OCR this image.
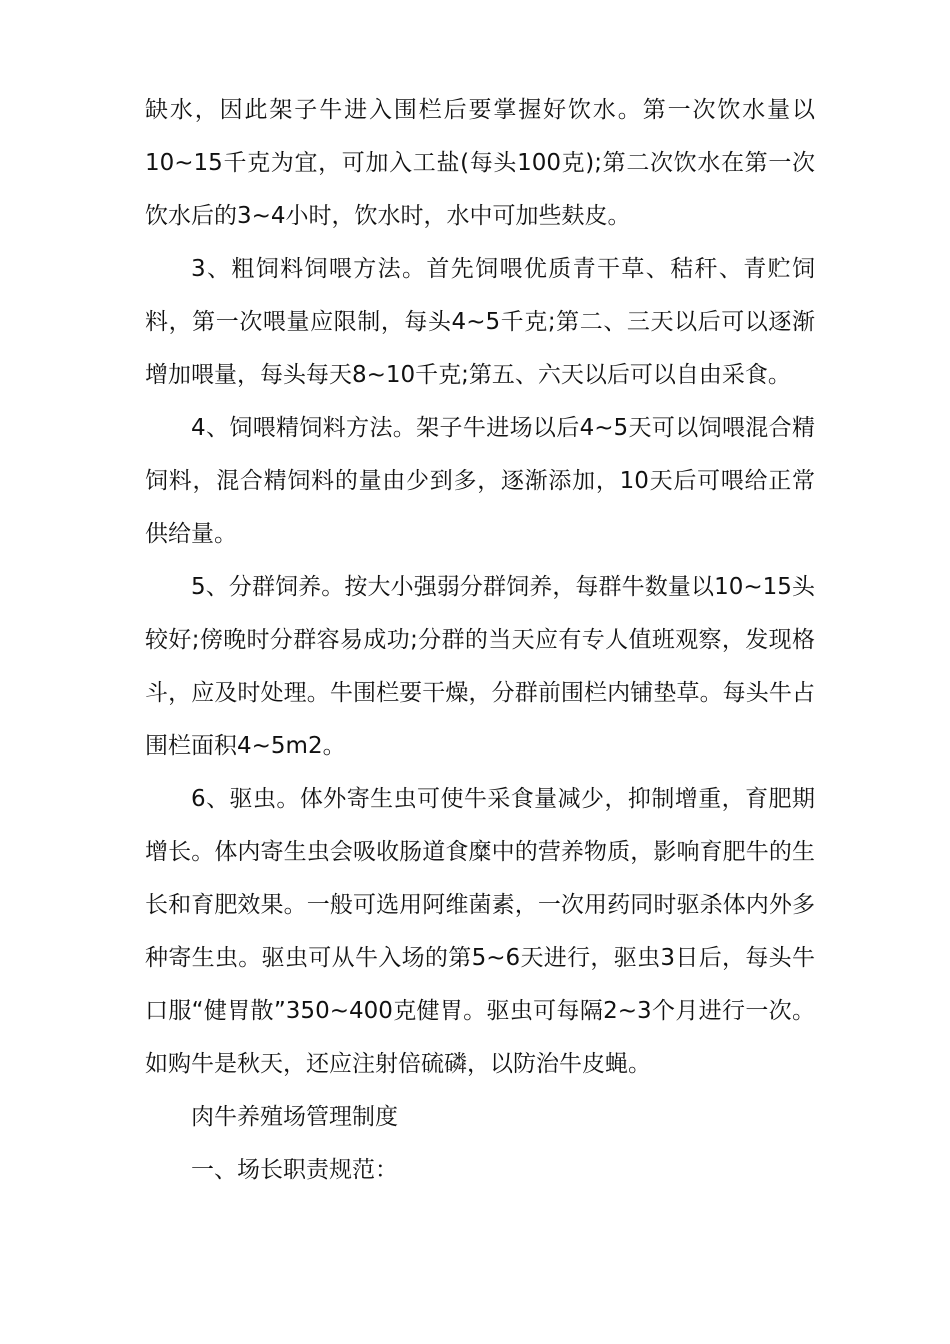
缺水，因此架子牛进入围栏后要掌握好饮水。第一次饮水量以10~15千克为宜，可加入工盐(每头100克);第二次饮水在第一次饮水后的3~4小时，饮水时，水中可加些麸皮。

3、粗饲料饲喂方法。首先饲喂优质青干草、秸秆、青贮饲料，第一次喂量应限制，每头4~5千克;第二、三天以后可以逐渐增加喂量，每头每天8~10千克;第五、六天以后可以自由采食。

4、饲喂精饲料方法。架子牛进场以后4~5天可以饲喂混合精饲料，混合精饲料的量由少到多，逐渐添加，10天后可喂给正常供给量。

5、分群饲养。按大小强弱分群饲养，每群牛数量以10~15头较好;傍晚时分群容易成功;分群的当天应有专人值班观察，发现格斗，应及时处理。牛围栏要干燥，分群前围栏内铺垫草。每头牛占围栏面积4~5m2。

6、驱虫。体外寄生虫可使牛采食量减少，抑制增重，育肥期增长。体内寄生虫会吸收肠道食糜中的营养物质，影响育肥牛的生长和育肥效果。一般可选用阿维菌素，一次用药同时驱杀体内外多种寄生虫。驱虫可从牛入场的第5~6天进行，驱虫3日后，每头牛口服“健胃散”350~400克健胃。驱虫可每隔2~3个月进行一次。如购牛是秋天，还应注射倍硫磷，以防治牛皮蝇。

肉牛养殖场管理制度

一、场长职责规范：
